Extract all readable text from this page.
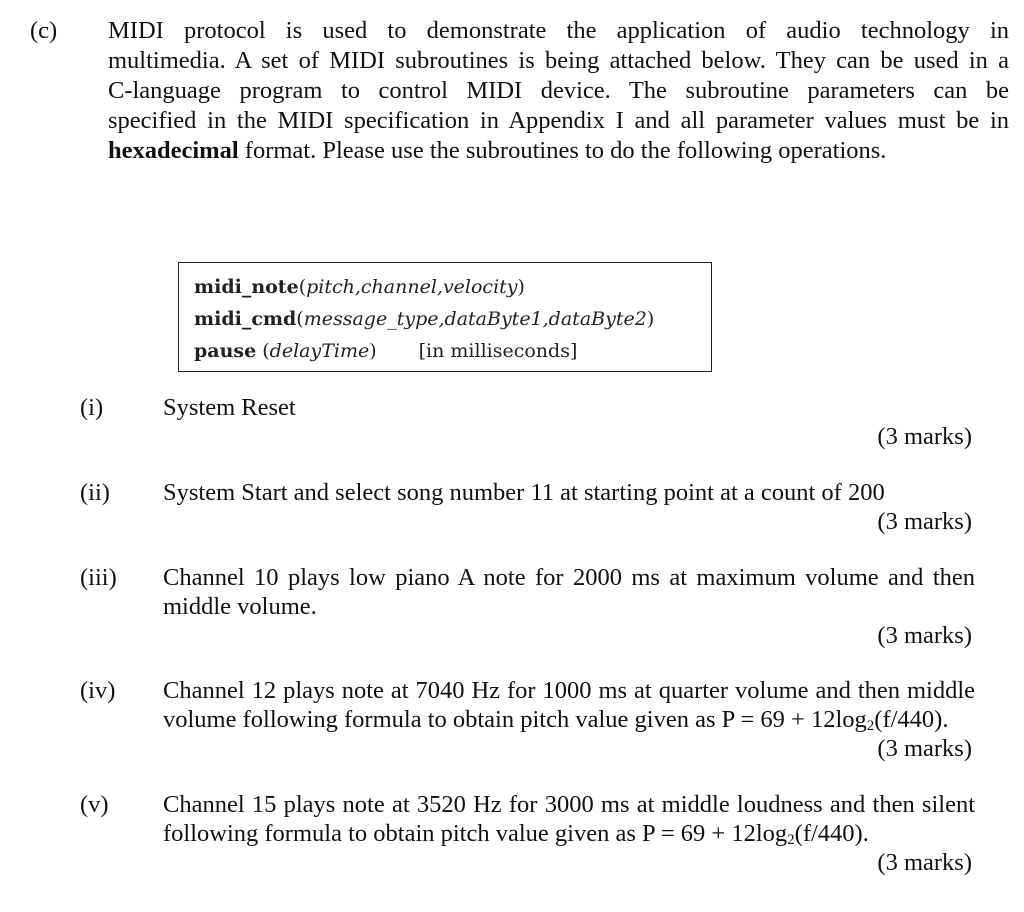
(c) MIDI protocol is used to demonstrate the application of audio technology in
multimedia. A set of MIDI subroutines is being attached below. They can be used in a
C-language program to control MIDI device. The subroutine parameters can be
specified in the MIDI specification in Appendix I and all parameter values must be in
hexadecimal format. Please use the subroutines to do the following operations.
midi_note(pitch,channel,velocity)
midi_cmd(message_type,dataByte1,dataByte2)
pause (delayTime) [in milliseconds]
(i) System Reset
(3 marks)
(ii) System Start and select song number 11 at starting point at a count of 200
(3 marks)
(iii) Channel 10 plays low piano A note for 2000 ms at maximum volume and then
middle volume.
(3 marks)
(iv) Channel 12 plays note at 7040 Hz for 1000 ms at quarter volume and then middle
volume following formula to obtain pitch value given as $P = 69 + 12\log_2(f/440)$.
(3 marks)
(v) Channel 15 plays note at 3520 Hz for 3000 ms at middle loudness and then silent
following formula to obtain pitch value given as $P = 69 + 12\log_2(f/440)$.
(3 marks)
